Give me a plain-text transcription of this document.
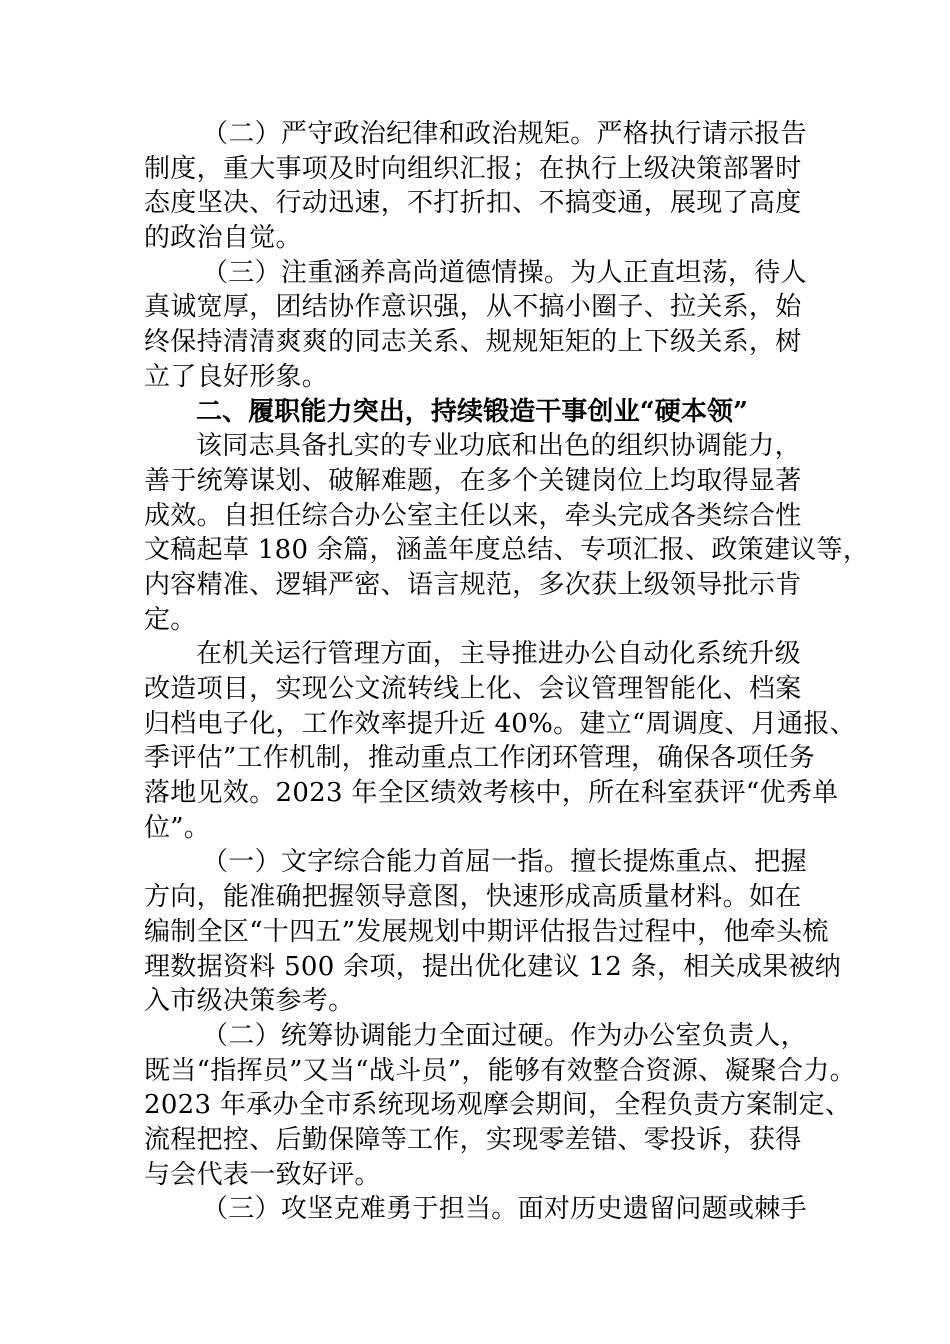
（二）严守政治纪律和政治规矩。严格执行请示报告
制度，重大事项及时向组织汇报；在执行上级决策部署时
态度坚决、行动迅速，不打折扣、不搞变通，展现了高度
的政治自觉。
（三）注重涵养高尚道德情操。为人正直坦荡，待人
真诚宽厚，团结协作意识强，从不搞小圈子、拉关系，始
终保持清清爽爽的同志关系、规规矩矩的上下级关系，树
立了良好形象。
二、履职能力突出，持续锻造干事创业“硬本领”
该同志具备扎实的专业功底和出色的组织协调能力，
善于统筹谋划、破解难题，在多个关键岗位上均取得显著
成效。自担任综合办公室主任以来，牵头完成各类综合性
文稿起草 180 余篇，涵盖年度总结、专项汇报、政策建议等，
内容精准、逻辑严密、语言规范，多次获上级领导批示肯
定。
在机关运行管理方面，主导推进办公自动化系统升级
改造项目，实现公文流转线上化、会议管理智能化、档案
归档电子化，工作效率提升近 40%。建立“周调度、月通报、
季评估”工作机制，推动重点工作闭环管理，确保各项任务
落地见效。2023 年全区绩效考核中，所在科室获评“优秀单
位”。
（一）文字综合能力首屈一指。擅长提炼重点、把握
方向，能准确把握领导意图，快速形成高质量材料。如在
编制全区“十四五”发展规划中期评估报告过程中，他牵头梳
理数据资料 500 余项，提出优化建议 12 条，相关成果被纳
入市级决策参考。
（二）统筹协调能力全面过硬。作为办公室负责人，
既当“指挥员”又当“战斗员”，能够有效整合资源、凝聚合力。
2023 年承办全市系统现场观摩会期间，全程负责方案制定、
流程把控、后勤保障等工作，实现零差错、零投诉，获得
与会代表一致好评。
（三）攻坚克难勇于担当。面对历史遗留问题或棘手
